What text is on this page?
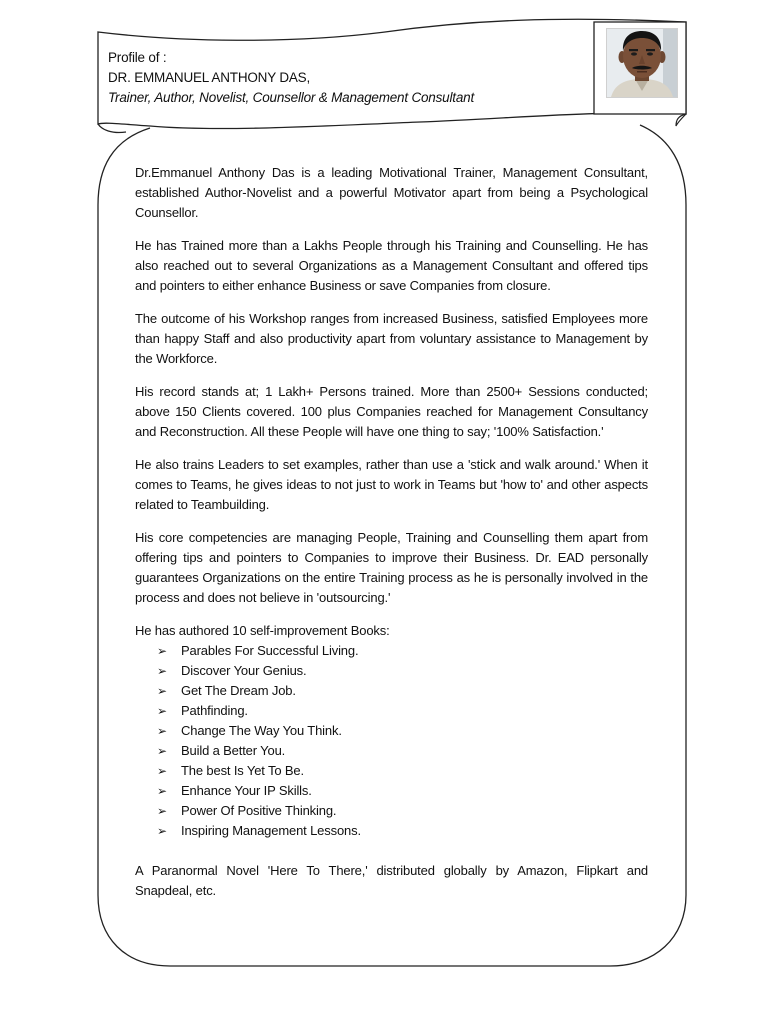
Profile of :
DR. EMMANUEL ANTHONY DAS,
Trainer, Author, Novelist, Counsellor & Management Consultant

Dr.Emmanuel Anthony Das is a leading Motivational Trainer, Management Consultant, established Author-Novelist and a powerful Motivator apart from being a Psychological Counsellor.

He has Trained more than a Lakhs People through his Training and Counselling. He has also reached out to several Organizations as a Management Consultant and offered tips and pointers to either enhance Business or save Companies from closure.

The outcome of his Workshop ranges from increased Business, satisfied Employees more than happy Staff and also productivity apart from voluntary assistance to Management by the Workforce.

His record stands at; 1 Lakh+ Persons trained. More than 2500+ Sessions conducted; above 150 Clients covered. 100 plus Companies reached for Management Consultancy and Reconstruction. All these People will have one thing to say; '100% Satisfaction.'

He also trains Leaders to set examples, rather than use a 'stick and walk around.' When it comes to Teams, he gives ideas to not just to work in Teams but 'how to' and other aspects related to Teambuilding.

His core competencies are managing People, Training and Counselling them apart from offering tips and pointers to Companies to improve their Business. Dr. EAD personally guarantees Organizations on the entire Training process as he is personally involved in the process and does not believe in 'outsourcing.'

He has authored 10 self-improvement Books:

➢ Parables For Successful Living.
➢ Discover Your Genius.
➢ Get The Dream Job.
➢ Pathfinding.
➢ Change The Way You Think.
➢ Build a Better You.
➢ The best Is Yet To Be.
➢ Enhance Your IP Skills.
➢ Power Of Positive Thinking.
➢ Inspiring Management Lessons.

A Paranormal Novel 'Here To There,' distributed globally by Amazon, Flipkart and Snapdeal, etc.
